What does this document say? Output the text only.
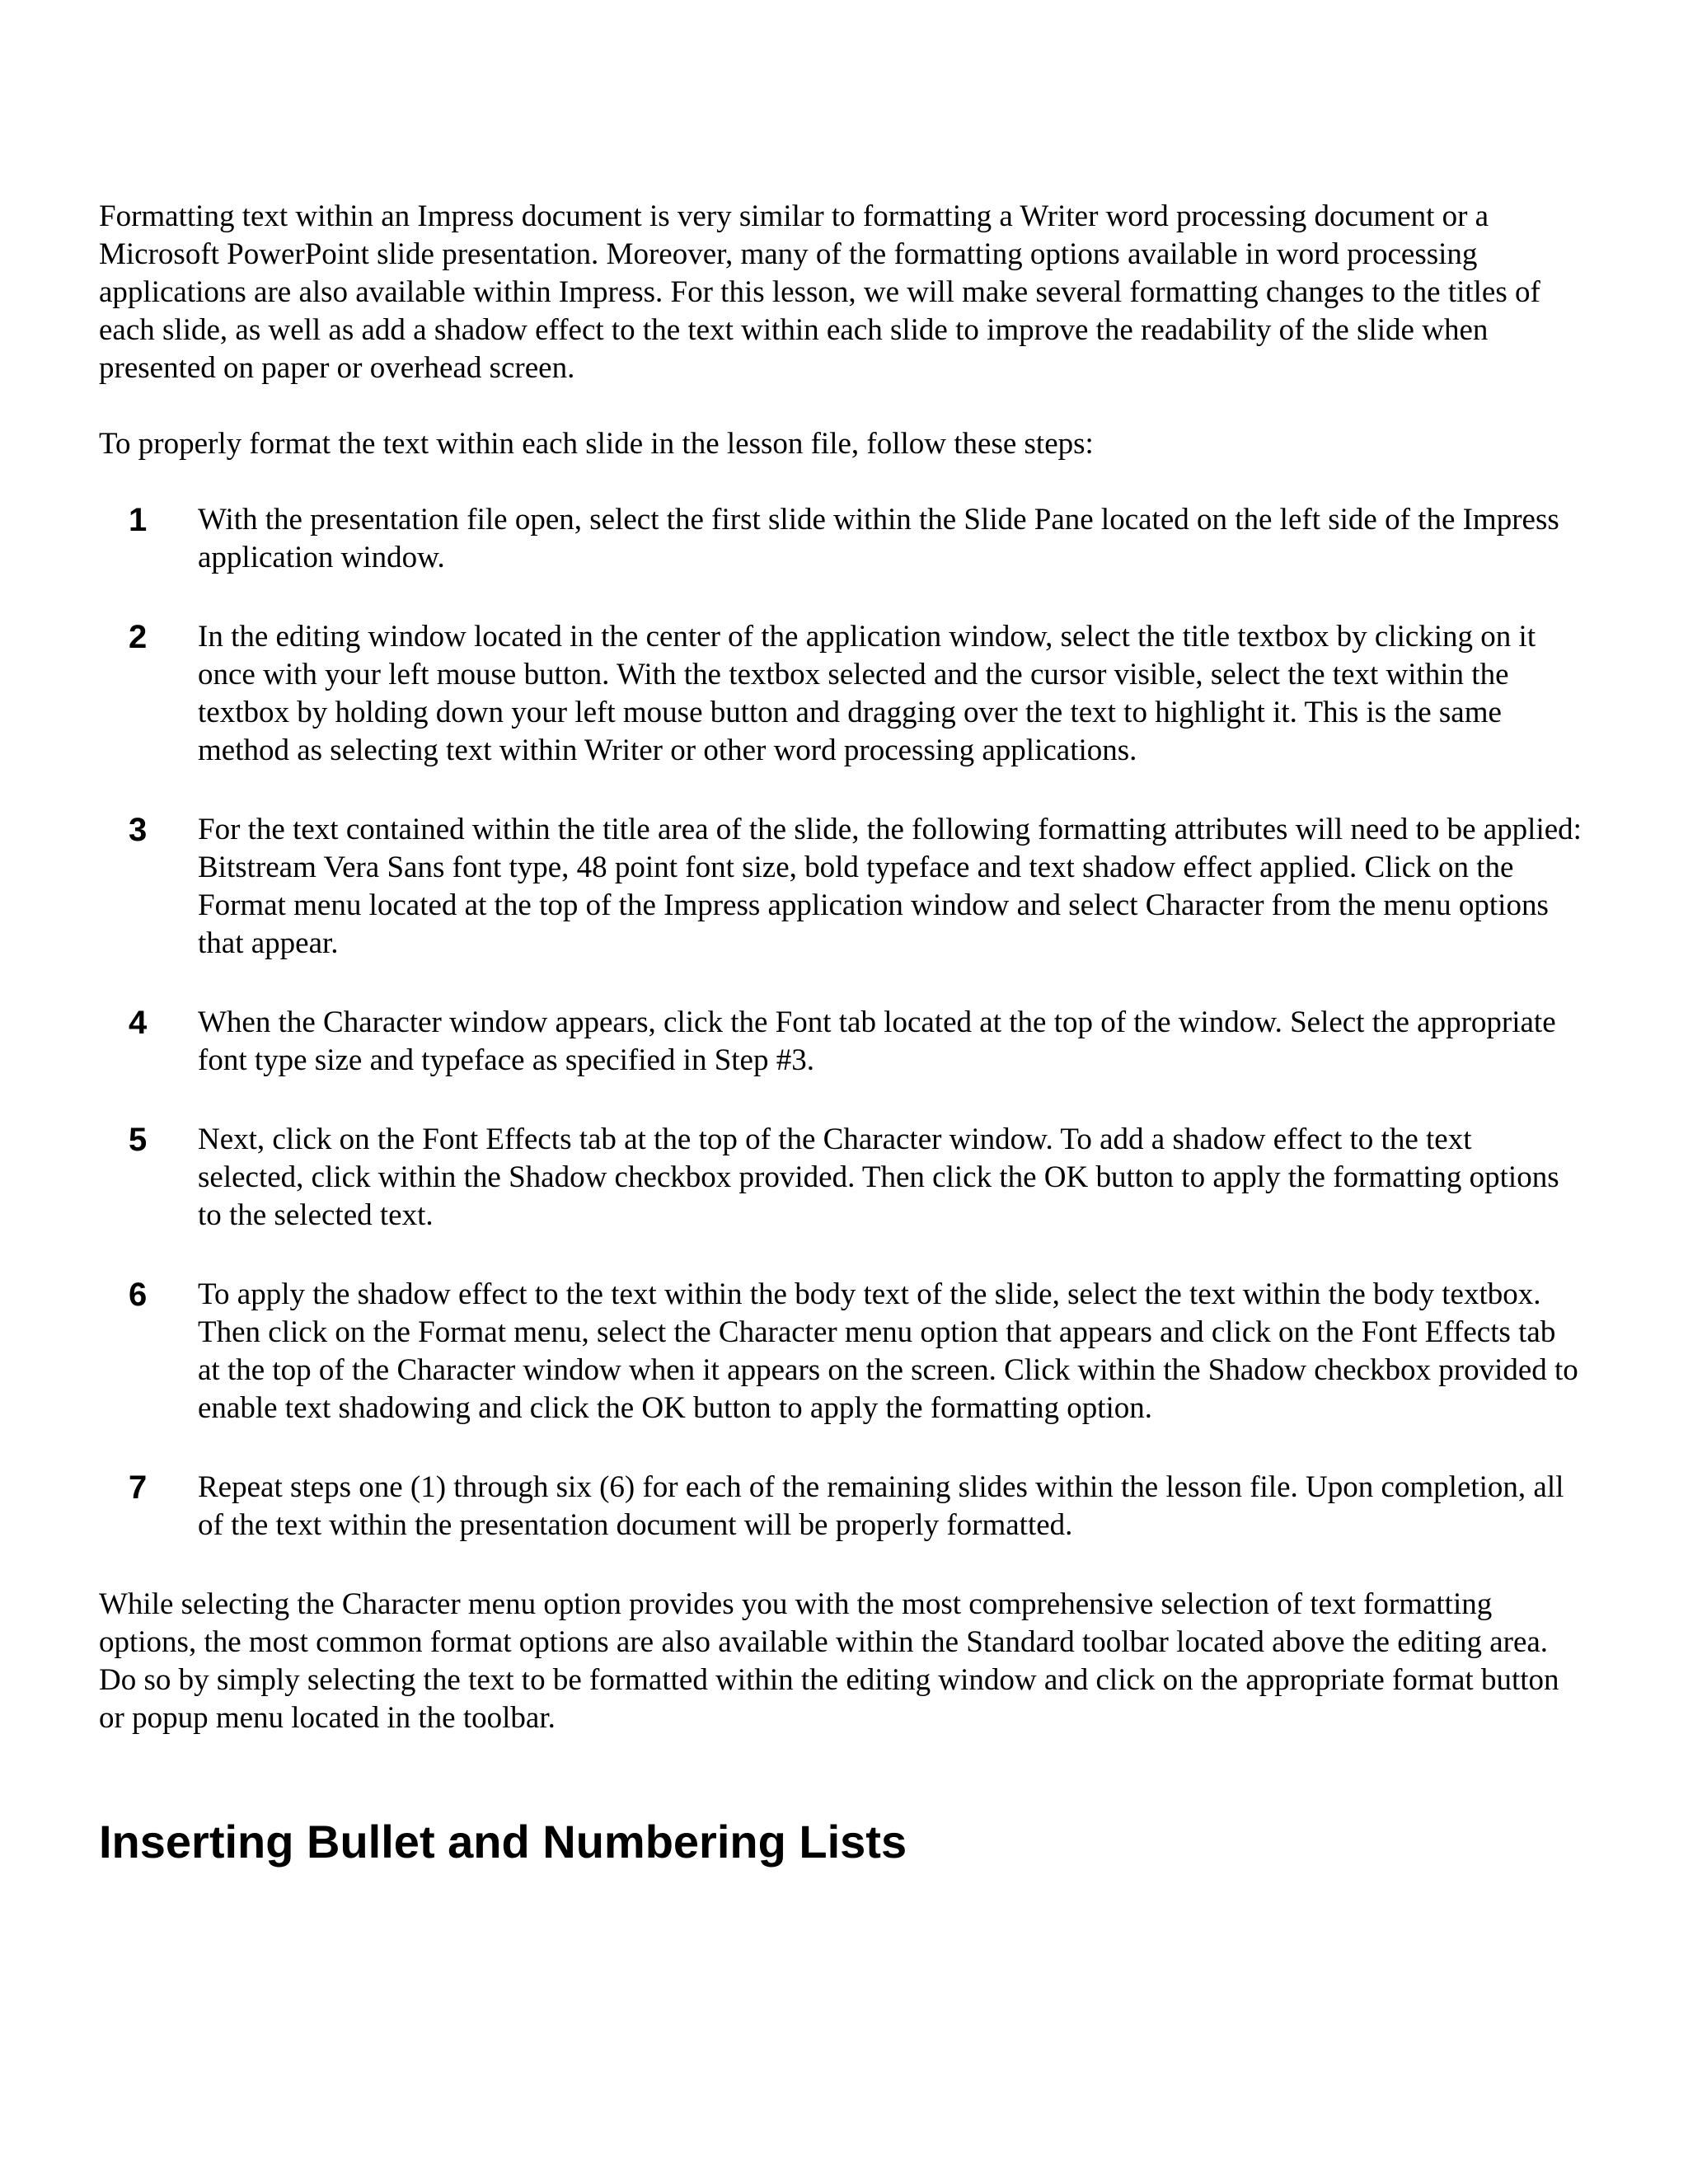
Formatting text within an Impress document is very similar to formatting a Writer word processing document or a Microsoft PowerPoint slide presentation. Moreover, many of the formatting options available in word processing applications are also available within Impress. For this lesson, we will make several formatting changes to the titles of each slide, as well as add a shadow effect to the text within each slide to improve the readability of the slide when presented on paper or overhead screen.

To properly format the text within each slide in the lesson file, follow these steps:

1	With the presentation file open, select the first slide within the Slide Pane located on the left side of the Impress application window.

2	In the editing window located in the center of the application window, select the title textbox by clicking on it once with your left mouse button. With the textbox selected and the cursor visible, select the text within the textbox by holding down your left mouse button and dragging over the text to highlight it. This is the same method as selecting text within Writer or other word processing applications.

3	For the text contained within the title area of the slide, the following formatting attributes will need to be applied: Bitstream Vera Sans font type, 48 point font size, bold typeface and text shadow effect applied. Click on the Format menu located at the top of the Impress application window and select Character from the menu options that appear.

4	When the Character window appears, click the Font tab located at the top of the window. Select the appropriate font type size and typeface as specified in Step #3.

5	Next, click on the Font Effects tab at the top of the Character window. To add a shadow effect to the text selected, click within the Shadow checkbox provided. Then click the OK button to apply the formatting options to the selected text.

6	To apply the shadow effect to the text within the body text of the slide, select the text within the body textbox. Then click on the Format menu, select the Character menu option that appears and click on the Font Effects tab at the top of the Character window when it appears on the screen. Click within the Shadow checkbox provided to enable text shadowing and click the OK button to apply the formatting option.

7	Repeat steps one (1) through six (6) for each of the remaining slides within the lesson file. Upon completion, all of the text within the presentation document will be properly formatted.

While selecting the Character menu option provides you with the most comprehensive selection of text formatting options, the most common format options are also available within the Standard toolbar located above the editing area. Do so by simply selecting the text to be formatted within the editing window and click on the appropriate format button or popup menu located in the toolbar.

Inserting Bullet and Numbering Lists
